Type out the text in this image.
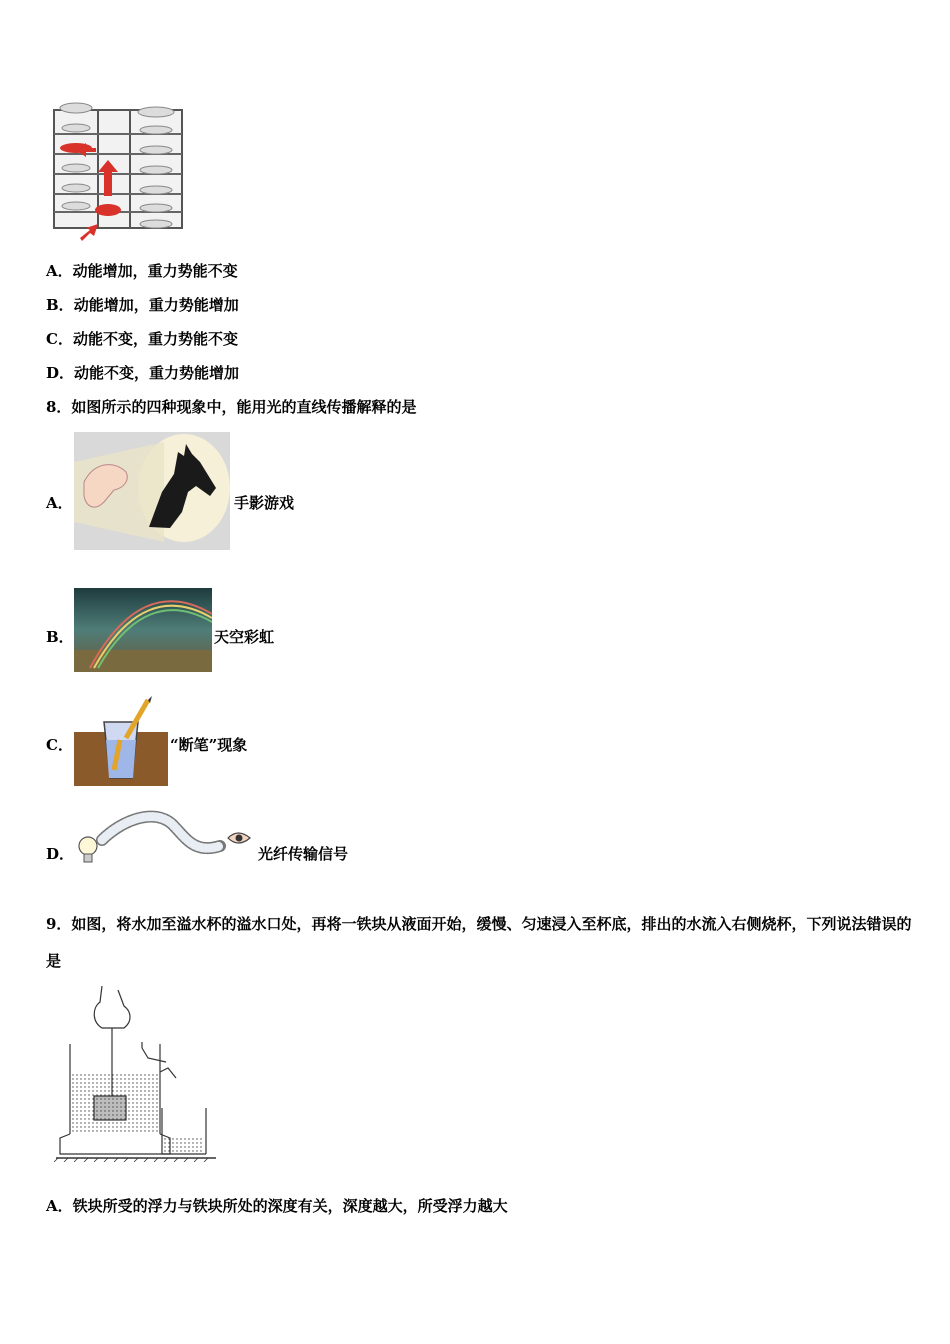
A．动能增加，重力势能不变
B．动能增加，重力势能增加
C．动能不变，重力势能不变
D．动能不变，重力势能增加
8．如图所示的四种现象中，能用光的直线传播解释的是
A．	手影游戏
B．	天空彩虹
C．	“断笔”现象
D．	光纤传输信号
9．如图，将水加至溢水杯的溢水口处，再将一铁块从液面开始，缓慢、匀速浸入至杯底，排出的水流入右侧烧杯，下列说法错误的是
A．铁块所受的浮力与铁块所处的深度有关，深度越大，所受浮力越大
